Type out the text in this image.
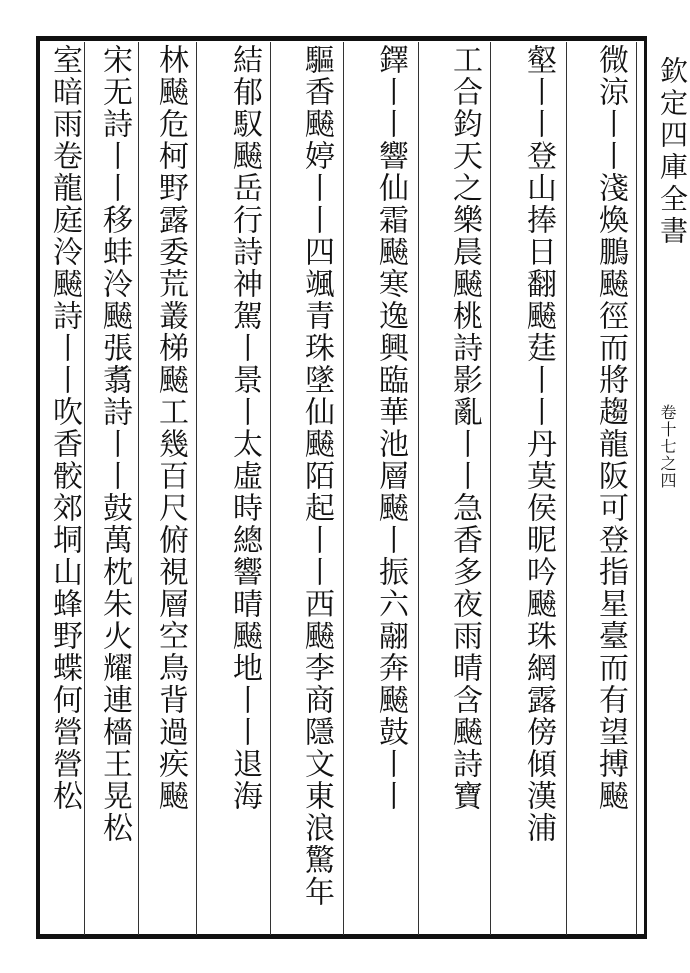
欽定四庫全書
卷十七之四
微涼丨丨淺煥鵬飇徑而將趨龍阪可登指星臺而有望搏飇
壑丨丨登山捧日翻飇莛丨丨丹莫侯昵吟飇珠網露傍傾漢浦
工合鈞天之樂晨飇桃詩影亂丨丨急香多夜雨晴含飇詩寶
鐸丨丨響仙霜飇寒逸興臨華池層飇丨振六翮奔飇鼓丨丨
驅香飇婷丨丨四颯青珠墜仙飇陌起丨丨西飇李商隱文東浪驚年
結郁馭飇岳行詩神駕丨景丨太虛時總響晴飇地丨丨退海
林飇危柯野露委荒叢梯飇工幾百尺俯視層空鳥背過疾飇
宋无詩丨丨移蚌泠飇張翥詩丨丨鼓萬枕朱火耀連檣王晃松
室暗雨卷龍庭泠飇詩丨丨吹香骹郊垌山蜂野蝶何營營松
